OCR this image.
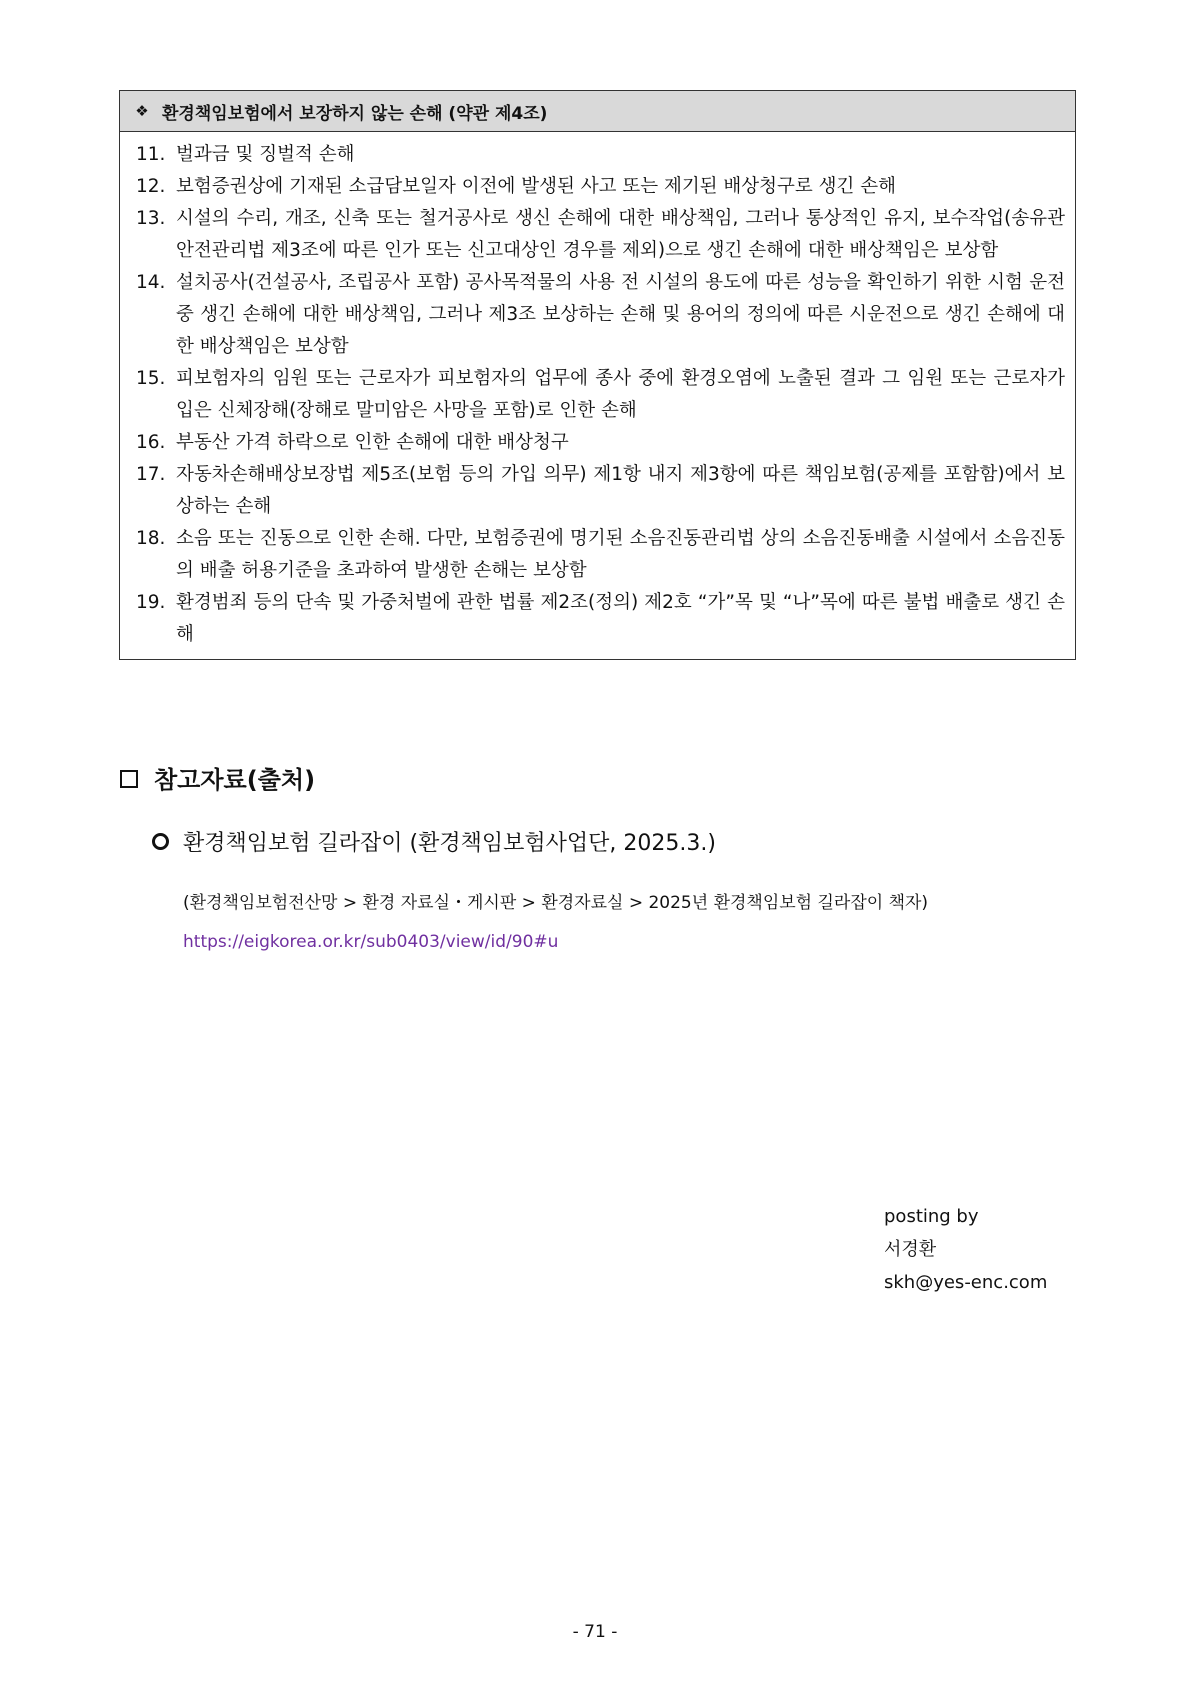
❖ 환경책임보험에서 보장하지 않는 손해 (약관 제4조)
11. 벌과금 및 징벌적 손해
12. 보험증권상에 기재된 소급담보일자 이전에 발생된 사고 또는 제기된 배상청구로 생긴 손해
13. 시설의 수리, 개조, 신축 또는 철거공사로 생신 손해에 대한 배상책임, 그러나 통상적인 유지, 보수작업(송유관 안전관리법 제3조에 따른 인가 또는 신고대상인 경우를 제외)으로 생긴 손해에 대한 배상책임은 보상함
14. 설치공사(건설공사, 조립공사 포함) 공사목적물의 사용 전 시설의 용도에 따른 성능을 확인하기 위한 시험 운전 중 생긴 손해에 대한 배상책임, 그러나 제3조 보상하는 손해 및 용어의 정의에 따른 시운전으로 생긴 손해에 대한 배상책임은 보상함
15. 피보험자의 임원 또는 근로자가 피보험자의 업무에 종사 중에 환경오염에 노출된 결과 그 임원 또는 근로자가 입은 신체장해(장해로 말미암은 사망을 포함)로 인한 손해
16. 부동산 가격 하락으로 인한 손해에 대한 배상청구
17. 자동차손해배상보장법 제5조(보험 등의 가입 의무) 제1항 내지 제3항에 따른 책임보험(공제를 포함함)에서 보상하는 손해
18. 소음 또는 진동으로 인한 손해. 다만, 보험증권에 명기된 소음진동관리법 상의 소음진동배출 시설에서 소음진동의 배출 허용기준을 초과하여 발생한 손해는 보상함
19. 환경범죄 등의 단속 및 가중처벌에 관한 법률 제2조(정의) 제2호 “가”목 및 “나”목에 따른 불법 배출로 생긴 손해
참고자료(출처)
환경책임보험 길라잡이 (환경책임보험사업단, 2025.3.)
(환경책임보험전산망 > 환경 자료실・게시판 > 환경자료실 > 2025년 환경책임보험 길라잡이 책자)
https://eigkorea.or.kr/sub0403/view/id/90#u
posting by
서경환
skh@yes-enc.com
- 71 -
